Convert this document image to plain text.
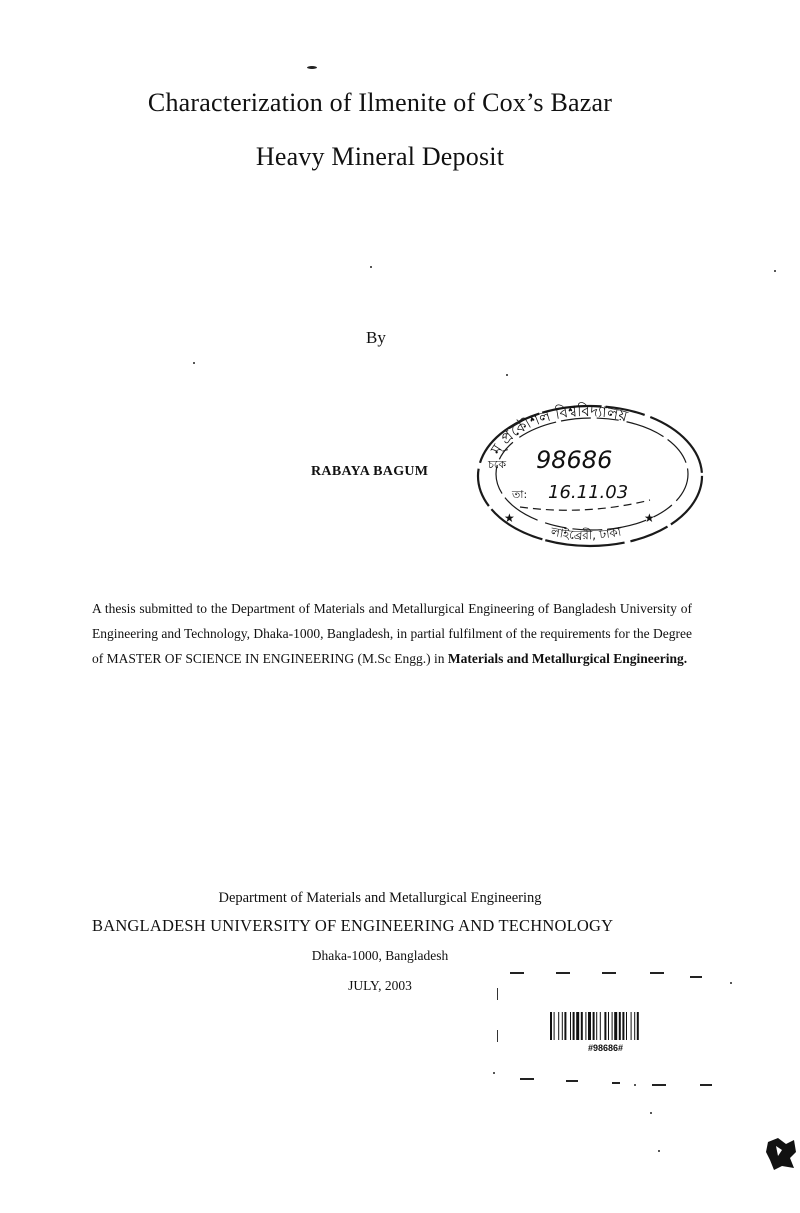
Characterization of Ilmenite of Cox’s Bazar
Heavy Mineral Deposit
By
RABAYA BAGUM
ম্‌ প্রকৌশল বিশ্ববিদ্যালয়
লাইব্রেরী, ঢাকা
চকে 98686
তা: 16.11.03
★	★
A thesis submitted to the Department of Materials and Metallurgical Engineering of Bangladesh University of Engineering and Technology, Dhaka-1000, Bangladesh, in partial fulfilment of the requirements for the Degree of MASTER OF SCIENCE IN ENGINEERING (M.Sc Engg.) in Materials and Metallurgical Engineering.
Department of Materials and Metallurgical Engineering
BANGLADESH UNIVERSITY OF ENGINEERING AND TECHNOLOGY
Dhaka-1000, Bangladesh
JULY, 2003
#98686#
